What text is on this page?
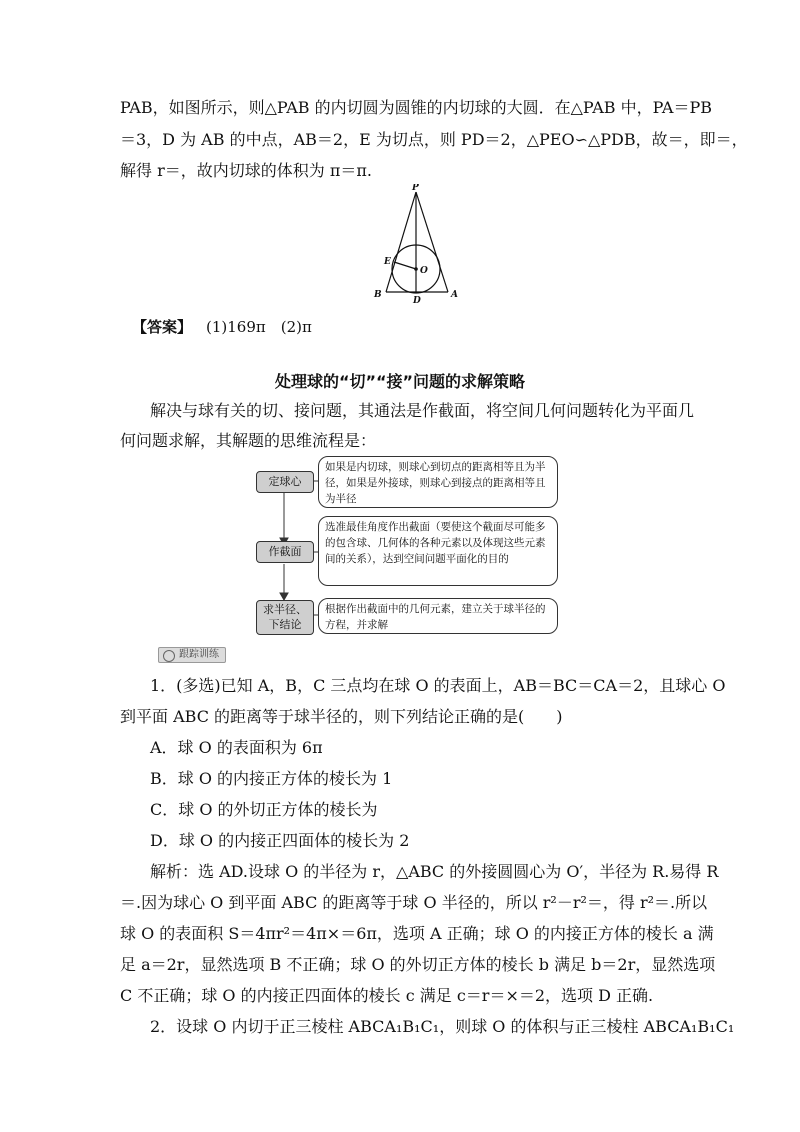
PAB，如图所示，则△PAB 的内切圆为圆锥的内切球的大圆．在△PAB 中，PA＝PB
＝3，D 为 AB 的中点，AB＝2，E 为切点，则 PD＝2，△PEO∽△PDB，故＝，即＝，
解得 r＝，故内切球的体积为 π＝π.
P
E
O
B
D
A
【答案】 (1)169π　(2)π
处理球的“切”“接”问题的求解策略
解决与球有关的切、接问题，其通法是作截面，将空间几何问题转化为平面几
何问题求解，其解题的思维流程是：
定球心
如果是内切球，则球心到切点的距离相等且为半径，如果是外接球，则球心到接点的距离相等且为半径
作截面
选准最佳角度作出截面（要使这个截面尽可能多的包含球、几何体的各种元素以及体现这些元素间的关系），达到空间问题平面化的目的
求半径、
下结论
根据作出截面中的几何元素，建立关于球半径的方程，并求解
跟踪训练
1．(多选)已知 A，B，C 三点均在球 O 的表面上，AB＝BC＝CA＝2，且球心 O
到平面 ABC 的距离等于球半径的，则下列结论正确的是(　　)
A．球 O 的表面积为 6π
B．球 O 的内接正方体的棱长为 1
C．球 O 的外切正方体的棱长为
D．球 O 的内接正四面体的棱长为 2
解析：选 AD.设球 O 的半径为 r，△ABC 的外接圆圆心为 O′，半径为 R.易得 R
＝.因为球心 O 到平面 ABC 的距离等于球 O 半径的，所以 r²－r²＝，得 r²＝.所以
球 O 的表面积 S＝4πr²＝4π×＝6π，选项 A 正确；球 O 的内接正方体的棱长 a 满
足 a＝2r，显然选项 B 不正确；球 O 的外切正方体的棱长 b 满足 b＝2r，显然选项
C 不正确；球 O 的内接正四面体的棱长 c 满足 c＝r＝×＝2，选项 D 正确.
2．设球 O 内切于正三棱柱 ABCA₁B₁C₁，则球 O 的体积与正三棱柱 ABCA₁B₁C₁
